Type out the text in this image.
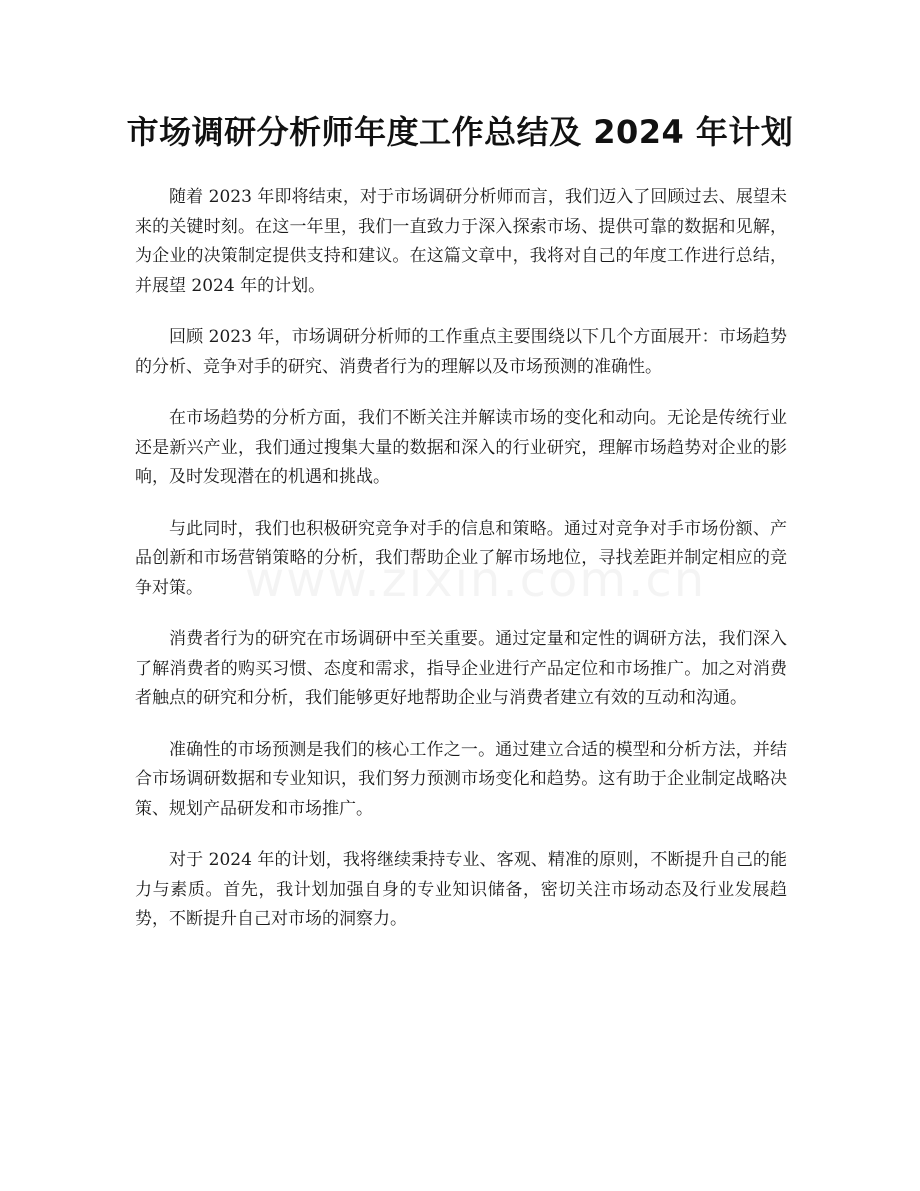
市场调研分析师年度工作总结及 2024 年计划

随着 2023 年即将结束，对于市场调研分析师而言，我们迈入了回顾过去、展望未来的关键时刻。在这一年里，我们一直致力于深入探索市场、提供可靠的数据和见解，为企业的决策制定提供支持和建议。在这篇文章中，我将对自己的年度工作进行总结，并展望 2024 年的计划。

回顾 2023 年，市场调研分析师的工作重点主要围绕以下几个方面展开：市场趋势的分析、竞争对手的研究、消费者行为的理解以及市场预测的准确性。

在市场趋势的分析方面，我们不断关注并解读市场的变化和动向。无论是传统行业还是新兴产业，我们通过搜集大量的数据和深入的行业研究，理解市场趋势对企业的影响，及时发现潜在的机遇和挑战。

与此同时，我们也积极研究竞争对手的信息和策略。通过对竞争对手市场份额、产品创新和市场营销策略的分析，我们帮助企业了解市场地位，寻找差距并制定相应的竞争对策。

消费者行为的研究在市场调研中至关重要。通过定量和定性的调研方法，我们深入了解消费者的购买习惯、态度和需求，指导企业进行产品定位和市场推广。加之对消费者触点的研究和分析，我们能够更好地帮助企业与消费者建立有效的互动和沟通。

准确性的市场预测是我们的核心工作之一。通过建立合适的模型和分析方法，并结合市场调研数据和专业知识，我们努力预测市场变化和趋势。这有助于企业制定战略决策、规划产品研发和市场推广。

对于 2024 年的计划，我将继续秉持专业、客观、精准的原则，不断提升自己的能力与素质。首先，我计划加强自身的专业知识储备，密切关注市场动态及行业发展趋势，不断提升自己对市场的洞察力。
